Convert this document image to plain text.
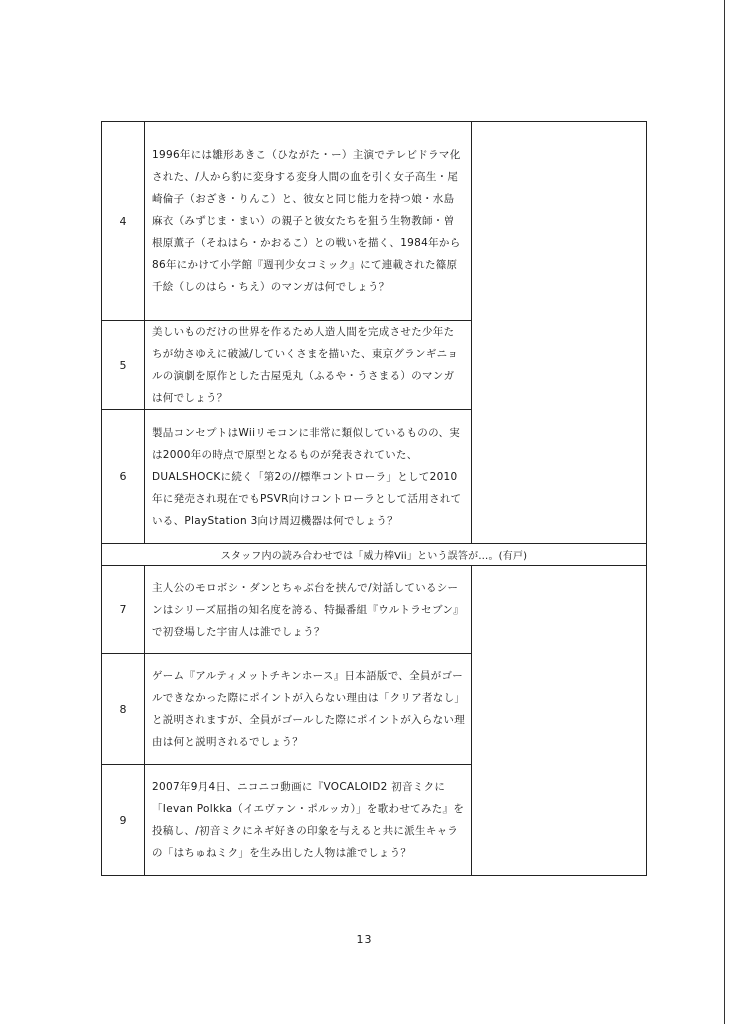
4	1996年には雛形あきこ（ひながた・ー）主演でテレビドラマ化された、/人から豹に変身する変身人間の血を引く女子高生・尾崎倫子（おざき・りんこ）と、彼女と同じ能力を持つ娘・水島麻衣（みずじま・まい）の親子と彼女たちを狙う生物教師・曽根原薫子（そねはら・かおるこ）との戦いを描く、1984年から86年にかけて小学館『週刊少女コミック』にて連載された篠原千絵（しのはら・ちえ）のマンガは何でしょう？	

5	美しいものだけの世界を作るため人造人間を完成させた少年たちが幼さゆえに破滅/していくさまを描いた、東京グランギニョルの演劇を原作とした古屋兎丸（ふるや・うさまる）のマンガは何でしょう？	
6	製品コンセプトはWiiリモコンに非常に類似しているものの、実は2000年の時点で原型となるものが発表されていた、DUALSHOCKに続く「第2の//標準コントローラ」として2010年に発売され現在でもPSVR向けコントローラとして活用されている、PlayStation 3向け周辺機器は何でしょう？	
スタッフ内の読み合わせでは「威力棒Vii」という誤答が…。(有戸)		
7	主人公のモロボシ・ダンとちゃぶ台を挟んで/対話しているシーンはシリーズ屈指の知名度を誇る、特撮番組『ウルトラセブン』で初登場した宇宙人は誰でしょう？	

8	ゲーム『アルティメットチキンホース』日本語版で、全員がゴールできなかった際にポイントが入らない理由は「クリア者なし」と説明されますが、全員がゴールした際にポイントが入らない理由は何と説明されるでしょう？	
9	2007年9月4日、ニコニコ動画に『VOCALOID2 初音ミクに「Ievan Polkka（イエヴァン・ポルッカ）」を歌わせてみた』を投稿し、/初音ミクにネギ好きの印象を与えると共に派生キャラの「はちゅねミク」を生み出した人物は誰でしょう？	
13
